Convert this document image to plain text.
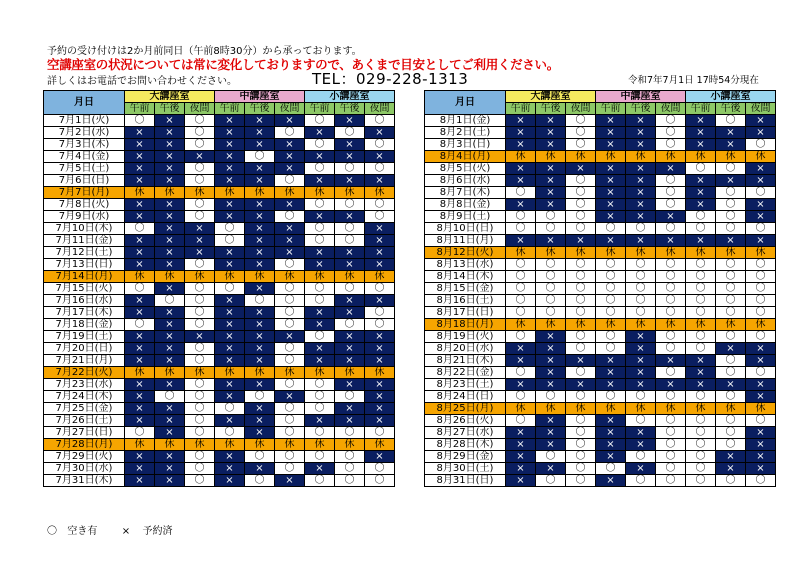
予約の受け付けは2か月前同日（午前8時30分）から承っております。
空講座室の状況については常に変化しておりますので、あくまで目安としてご利用ください。
詳しくはお電話でお問い合わせください。	TEL：029-228-1313	令和7年7月1日 17時54分現在
月日	大講座室			中講座室			小講座室		
	午前	午後	夜間	午前	午後	夜間	午前	午後	夜間
7月1日(火)	〇	×	〇	×	×	×	〇	×	〇
7月2日(水)	×	×	〇	×	×	〇	×	〇	×
7月3日(木)	×	×	〇	×	×	×	〇	×	〇
7月4日(金)	×	×	×	×	〇	×	×	×	×
7月5日(土)	×	×	〇	×	×	×	〇	〇	〇
7月6日(日)	×	×	〇	×	×	〇	×	×	×
7月7日(月)	休	休	休	休	休	休	休	休	休
7月8日(火)	×	×	〇	×	×	×	〇	〇	〇
7月9日(水)	×	×	〇	×	×	〇	×	×	〇
7月10日(木)	〇	×	×	〇	×	×	〇	〇	×
7月11日(金)	×	×	×	〇	×	×	〇	〇	×
7月12日(土)	×	×	×	×	×	×	×	×	×
7月13日(日)	×	×	〇	×	×	〇	×	×	×
7月14日(月)	休	休	休	休	休	休	休	休	休
7月15日(火)	〇	×	〇	〇	×	〇	〇	〇	〇
7月16日(水)	×	〇	〇	×	〇	〇	〇	×	×
7月17日(木)	×	×	〇	×	×	〇	×	×	〇
7月18日(金)	〇	×	〇	×	×	〇	×	〇	〇
7月19日(土)	×	×	×	×	×	×	〇	×	×
7月20日(日)	×	×	〇	×	×	〇	×	×	×
7月21日(月)	×	×	〇	×	×	〇	×	×	×
7月22日(火)	休	休	休	休	休	休	休	休	休
7月23日(水)	×	×	〇	×	×	〇	〇	×	×
7月24日(木)	×	〇	〇	×	〇	×	〇	〇	×
7月25日(金)	×	×	〇	〇	×	〇	〇	×	×
7月26日(土)	×	×	〇	×	×	〇	×	×	×
7月27日(日)	〇	×	〇	〇	×	〇	〇	〇	〇
7月28日(月)	休	休	休	休	休	休	休	休	休
7月29日(火)	×	×	〇	×	〇	〇	〇	〇	×
7月30日(水)	×	×	〇	×	×	〇	×	〇	〇
7月31日(木)	×	×	〇	×	〇	×	〇	〇	〇
月日	大講座室			中講座室			小講座室		
	午前	午後	夜間	午前	午後	夜間	午前	午後	夜間
8月1日(金)	×	×	〇	×	×	〇	×	〇	×
8月2日(土)	×	×	〇	×	×	〇	×	×	×
8月3日(日)	×	×	〇	×	×	〇	×	×	〇
8月4日(月)	休	休	休	休	休	休	休	休	休
8月5日(火)	×	×	×	×	×	×	〇	〇	×
8月6日(水)	×	×	〇	×	×	〇	×	×	×
8月7日(木)	〇	×	〇	×	×	〇	×	〇	〇
8月8日(金)	×	×	〇	×	×	〇	×	〇	×
8月9日(土)	〇	〇	〇	×	×	×	〇	〇	×
8月10日(日)	〇	〇	〇	〇	〇	〇	〇	〇	〇
8月11日(月)	×	×	×	×	×	×	×	×	×
8月12日(火)	休	休	休	休	休	休	休	休	休
8月13日(水)	〇	〇	〇	〇	〇	〇	〇	〇	〇
8月14日(木)	〇	〇	〇	〇	〇	〇	〇	〇	〇
8月15日(金)	〇	〇	〇	〇	〇	〇	〇	〇	〇
8月16日(土)	〇	〇	〇	〇	〇	〇	〇	〇	〇
8月17日(日)	〇	〇	〇	〇	〇	〇	〇	〇	〇
8月18日(月)	休	休	休	休	休	休	休	休	休
8月19日(火)	〇	×	〇	〇	×	〇	〇	〇	〇
8月20日(水)	×	×	〇	〇	×	〇	〇	×	×
8月21日(木)	×	×	×	×	×	×	×	〇	×
8月22日(金)	〇	×	〇	×	×	〇	×	〇	〇
8月23日(土)	×	×	×	×	×	×	×	×	×
8月24日(日)	〇	〇	〇	〇	〇	〇	〇	〇	×
8月25日(月)	休	休	休	休	休	休	休	休	休
8月26日(火)	〇	×	〇	×	〇	〇	〇	〇	〇
8月27日(水)	×	×	〇	×	×	〇	〇	〇	×
8月28日(木)	×	×	〇	×	×	〇	〇	〇	×
8月29日(金)	×	〇	〇	×	〇	〇	〇	×	×
8月30日(土)	×	×	〇	〇	×	〇	〇	×	×
8月31日(日)	×	〇	〇	×	〇	〇	〇	〇	〇
〇 空き有 × 予約済
